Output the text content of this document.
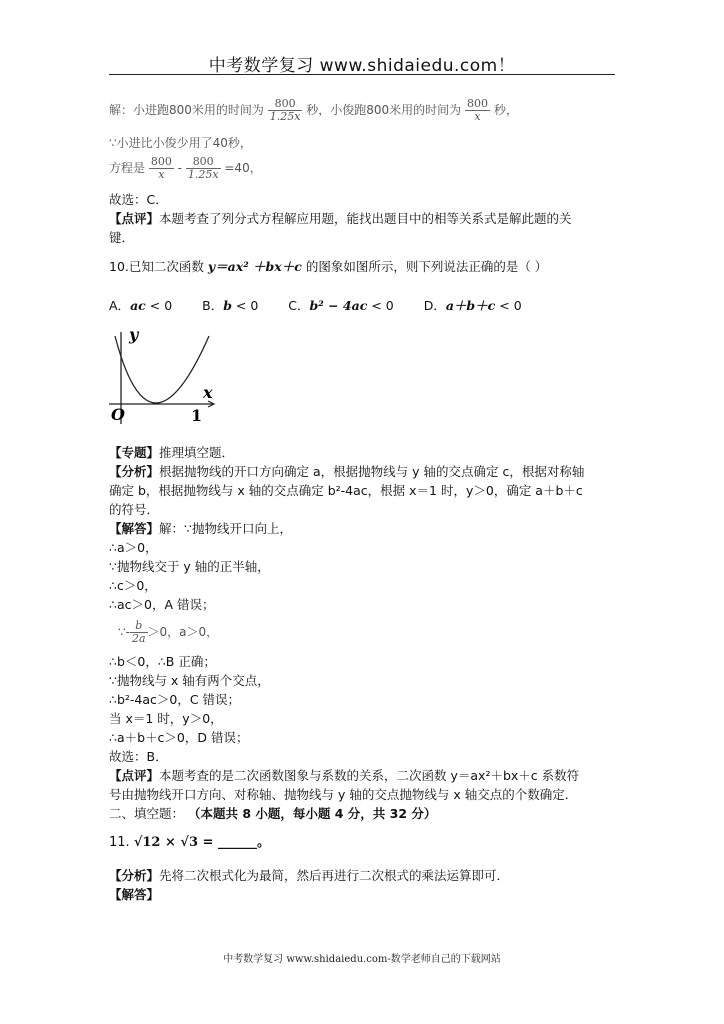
中考数学复习 www.shidaiedu.com！
解：小进跑800米用的时间为 $\frac{800}{1.25x}$ 秒，小俊跑800米用的时间为 $\frac{800}{x}$ 秒，
∵小进比小俊少用了40秒，
方程是 $\frac{800}{x} - \frac{800}{1.25x} =40$，
故选：C．
【点评】本题考查了列分式方程解应用题，能找出题目中的相等关系式是解此题的关
键．
10.已知二次函数 y＝ax² ＋bx＋c 的图象如图所示，则下列说法正确的是（ ）
A．ac < 0 B．b < 0 C．b² − 4ac < 0 D．a＋b＋c < 0
y
x
O	1
【专题】推理填空题．
【分析】根据抛物线的开口方向确定 a，根据抛物线与 y 轴的交点确定 c，根据对称轴
确定 b，根据抛物线与 x 轴的交点确定 b²-4ac，根据 x＝1 时，y＞0，确定 a＋b＋c
的符号．
【解答】解：∵抛物线开口向上，
∴a＞0，
∵抛物线交于 y 轴的正半轴，
∴c＞0，
∴ac＞0，A 错误；
∵- $\frac{b}{2a} >0$，a＞0，
∴b＜0，∴B 正确；
∵抛物线与 x 轴有两个交点，
∴b²-4ac＞0，C 错误；
当 x＝1 时，y＞0，
∴a＋b＋c＞0，D 错误；
故选：B．
【点评】本题考查的是二次函数图象与系数的关系，二次函数 y＝ax²＋bx＋c 系数符
号由抛物线开口方向、对称轴、抛物线与 y 轴的交点抛物线与 x 轴交点的个数确定．
二、填空题： （本题共 8 小题，每小题 4 分，共 32 分）
11. √12 × √3 = ______。
【分析】先将二次根式化为最简，然后再进行二次根式的乘法运算即可．
【解答】
中考数学复习 www.shidaiedu.com-数学老师自己的下载网站
